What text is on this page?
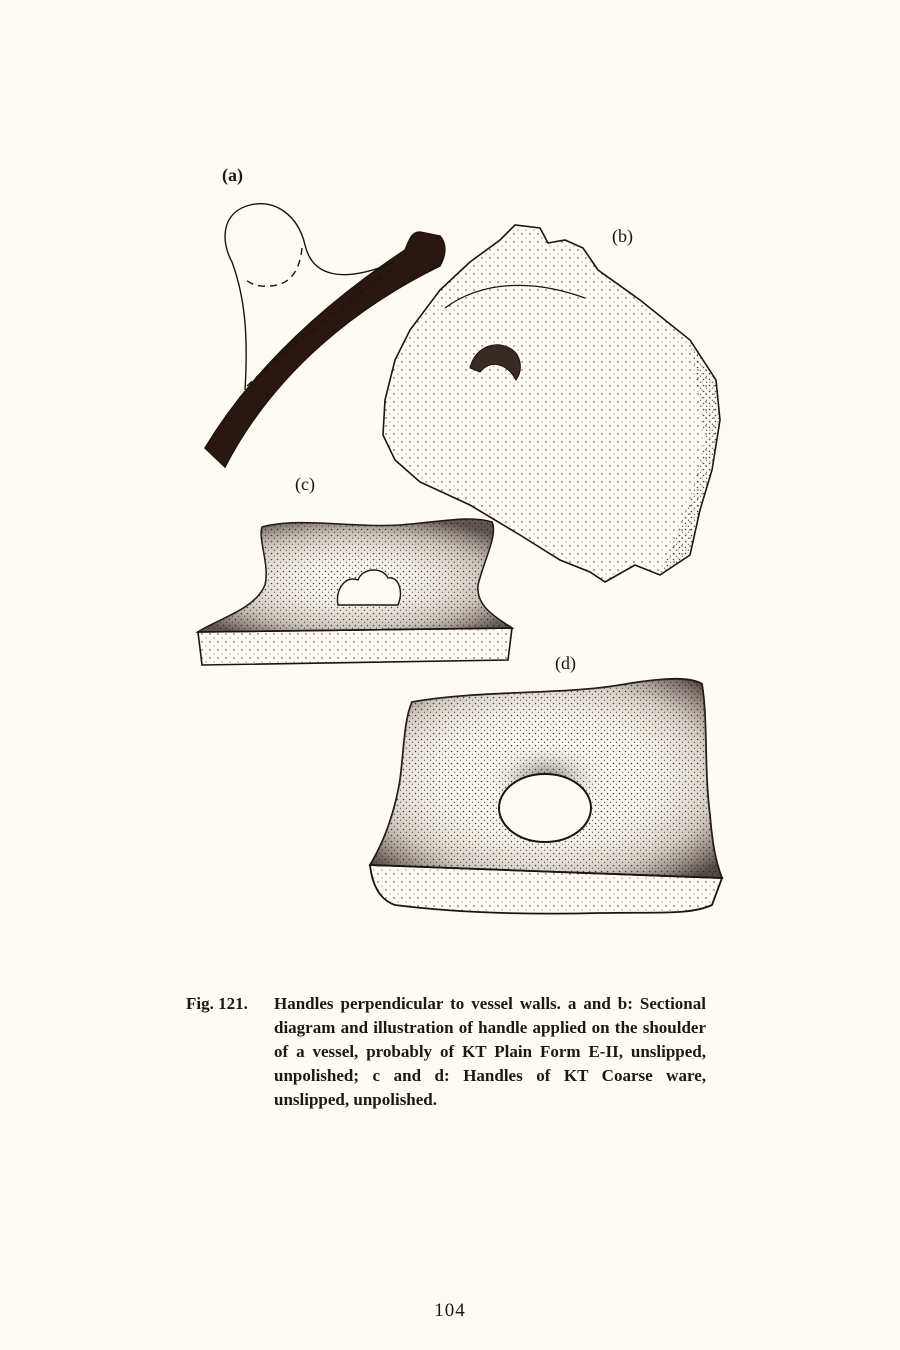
(a)
(b)
(c)
(d)
Fig. 121.	Handles perpendicular to vessel walls. a and b: Sectional diagram and illustration of handle applied on the shoulder of a vessel, probably of KT Plain Form E-II, unslipped, unpolished; c and d: Handles of KT Coarse ware, unslipped, unpolished.
104
